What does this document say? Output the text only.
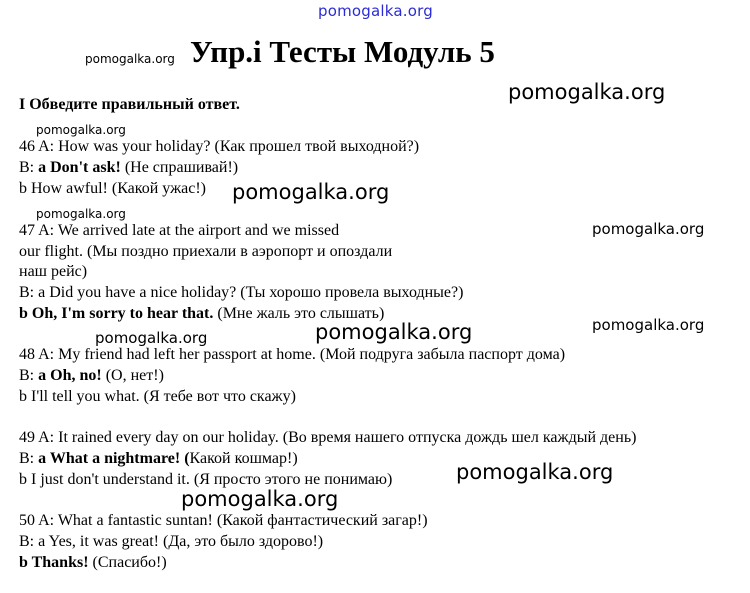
pomogalka.org
Упр.і Тесты Модуль 5
pomogalka.org
pomogalka.org
I Обведите правильный ответ.
pomogalka.org
46 A: How was your holiday? (Как прошел твой выходной?)
B: a Don't ask! (Не спрашивай!)
b How awful! (Какой ужас!) pomogalka.org
pomogalka.org
47 A: We arrived late at the airport and we missed	pomogalka.org
our flight. (Мы поздно приехали в аэропорт и опоздали
наш рейс)
B: a Did you have a nice holiday? (Ты хорошо провела выходные?)
b Oh, I'm sorry to hear that. (Мне жаль это слышать)
pomogalka.org	pomogalka.org	pomogalka.org
48 A: My friend had left her passport at home. (Мой подруга забыла паспорт дома)
B: a Oh, no! (О, нет!)
b I'll tell you what. (Я тебе вот что скажу)
49 A: It rained every day on our holiday. (Во время нашего отпуска дождь шел каждый день)
B: a What a nightmare! (Какой кошмар!)
pomogalka.org
b I just don't understand it. (Я просто этого не понимаю)
pomogalka.org
50 A: What a fantastic suntan! (Какой фантастический загар!)
B: a Yes, it was great! (Да, это было здорово!)
b Thanks! (Спасибо!)
